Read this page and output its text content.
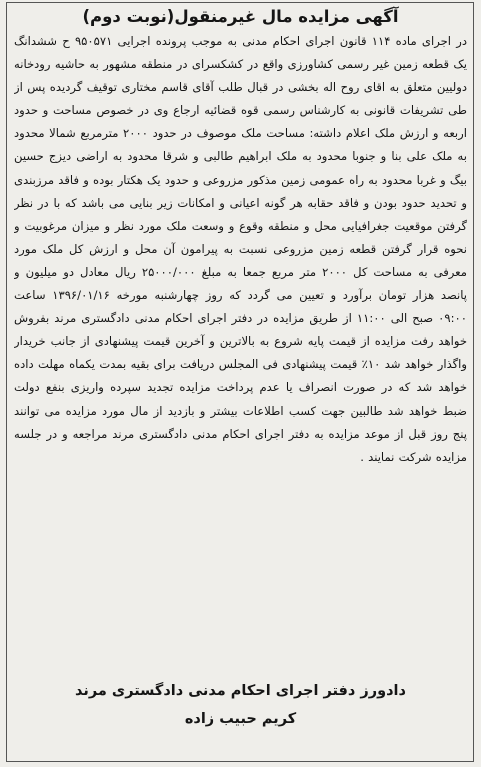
آگهی مزایده مال غیرمنقول(نوبت دوم)

در اجرای ماده ۱۱۴ قانون اجرای احکام مدنی به موجب پرونده اجرایی ۹۵۰۵۷۱ ح ششدانگ یک قطعه زمین غیر رسمی کشاورزی واقع در کشکسرای در منطقه مشهور به حاشیه رودخانه دولیین متعلق به اقای روح اله بخشی در قبال طلب آقای قاسم مختاری توقیف گردیده پس از طی تشریفات قانونی به کارشناس رسمی قوه قضائیه ارجاع وی در خصوص مساحت و حدود اربعه و ارزش ملک اعلام داشته: مساحت ملک موصوف در حدود ۲۰۰۰ مترمربع شمالا محدود به ملک علی بنا و جنوبا محدود به ملک ابراهیم طالبی و شرقا محدود به اراضی دیزج حسین بیگ و غربا محدود به راه عمومی زمین مذکور مزروعی و حدود یک هکتار بوده و فاقد مرزبندی و تحدید حدود بودن و فاقد حقابه هر گونه اعیانی و امکانات زیر بنایی می باشد که با در نظر گرفتن موقعیت جغرافیایی محل و منطقه وقوع و وسعت ملک مورد نظر و میزان مرغوبیت و نحوه قرار گرفتن قطعه زمین مزروعی نسبت به پیرامون آن محل و ارزش کل ملک مورد معرفی به مساحت کل ۲۰۰۰ متر مربع جمعا به مبلغ ۲۵۰۰۰/۰۰۰ ریال معادل دو میلیون و پانصد هزار تومان برآورد و تعیین می گردد که روز چهارشنبه مورخه ۱۳۹۶/۰۱/۱۶ ساعت ۰۹:۰۰ صبح الی ۱۱:۰۰ از طریق مزایده در دفتر اجرای احکام مدنی دادگستری مرند بفروش خواهد رفت مزایده از قیمت پایه شروع به بالاترین و آخرین قیمت پیشنهادی از جانب خریدار واگذار خواهد شد ۱۰٪ قیمت پیشنهادی فی المجلس دریافت برای بقیه بمدت یکماه مهلت داده خواهد شد که در صورت انصراف یا عدم پرداخت مزایده تجدید سپرده واریزی بنفع دولت ضبط خواهد شد طالبین جهت کسب اطلاعات بیشتر و بازدید از مال مورد مزایده می توانند پنج روز قبل از موعد مزایده به دفتر اجرای احکام مدنی دادگستری مرند مراجعه و در جلسه مزایده شرکت نمایند .

دادورز دفتر اجرای احکام مدنی دادگستری مرند

کریم حبیب زاده
